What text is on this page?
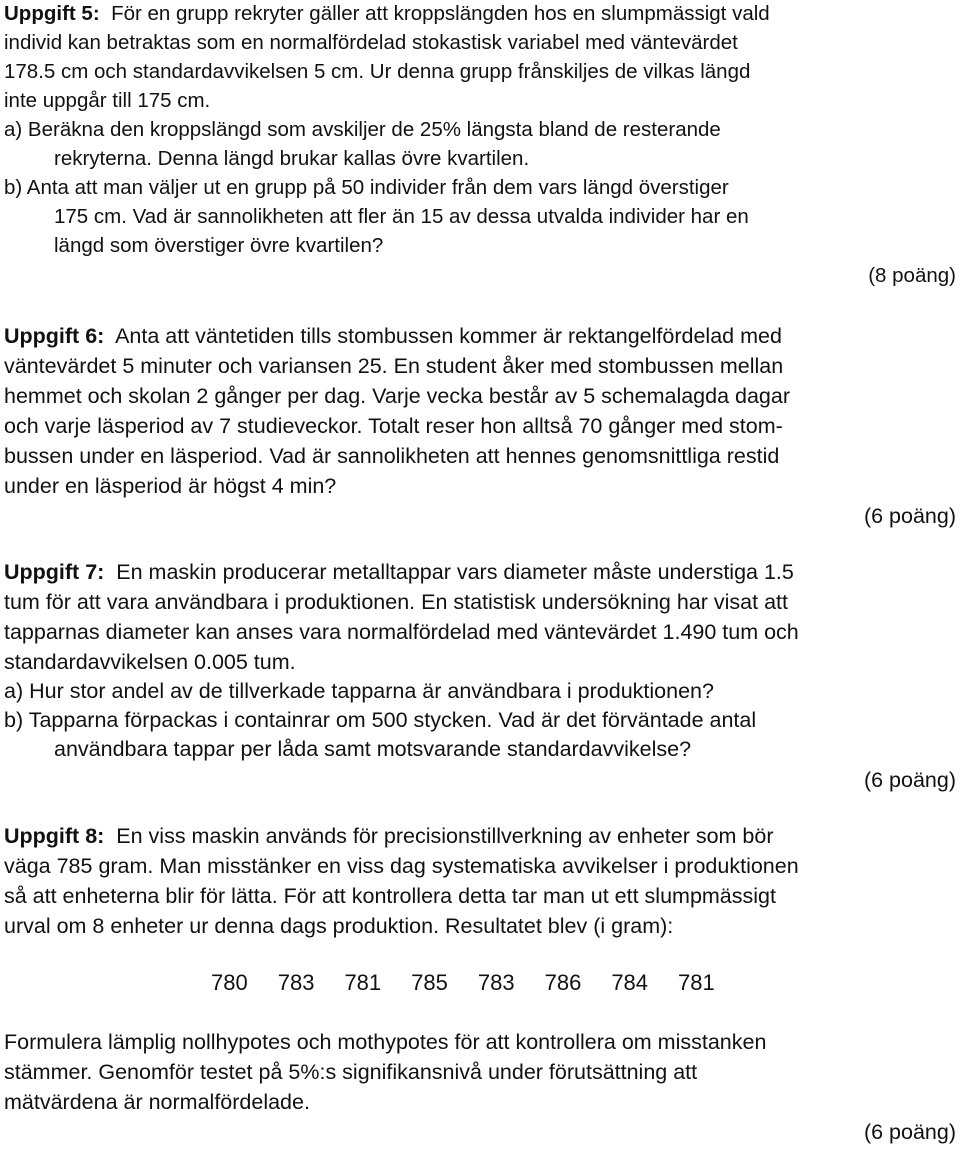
Uppgift 5: För en grupp rekryter gäller att kroppslängden hos en slumpmässigt vald
individ kan betraktas som en normalfördelad stokastisk variabel med väntevärdet
178.5 cm och standardavvikelsen 5 cm. Ur denna grupp frånskiljes de vilkas längd
inte uppgår till 175 cm.
a) Beräkna den kroppslängd som avskiljer de 25% längsta bland de resterande
rekryterna. Denna längd brukar kallas övre kvartilen.
b) Anta att man väljer ut en grupp på 50 individer från dem vars längd överstiger
175 cm. Vad är sannolikheten att fler än 15 av dessa utvalda individer har en
längd som överstiger övre kvartilen?
(8 poäng)
Uppgift 6: Anta att väntetiden tills stombussen kommer är rektangelfördelad med
väntevärdet 5 minuter och variansen 25. En student åker med stombussen mellan
hemmet och skolan 2 gånger per dag. Varje vecka består av 5 schemalagda dagar
och varje läsperiod av 7 studieveckor. Totalt reser hon alltså 70 gånger med stom-
bussen under en läsperiod. Vad är sannolikheten att hennes genomsnittliga restid
under en läsperiod är högst 4 min?
(6 poäng)
Uppgift 7: En maskin producerar metalltappar vars diameter måste understiga 1.5
tum för att vara användbara i produktionen. En statistisk undersökning har visat att
tapparnas diameter kan anses vara normalfördelad med väntevärdet 1.490 tum och
standardavvikelsen 0.005 tum.
a) Hur stor andel av de tillverkade tapparna är användbara i produktionen?
b) Tapparna förpackas i containrar om 500 stycken. Vad är det förväntade antal
användbara tappar per låda samt motsvarande standardavvikelse?
(6 poäng)
Uppgift 8: En viss maskin används för precisionstillverkning av enheter som bör
väga 785 gram. Man misstänker en viss dag systematiska avvikelser i produktionen
så att enheterna blir för lätta. För att kontrollera detta tar man ut ett slumpmässigt
urval om 8 enheter ur denna dags produktion. Resultatet blev (i gram):
780 783 781 785 783 786 784 781
Formulera lämplig nollhypotes och mothypotes för att kontrollera om misstanken
stämmer. Genomför testet på 5%:s signifikansnivå under förutsättning att
mätvärdena är normalfördelade.
(6 poäng)
